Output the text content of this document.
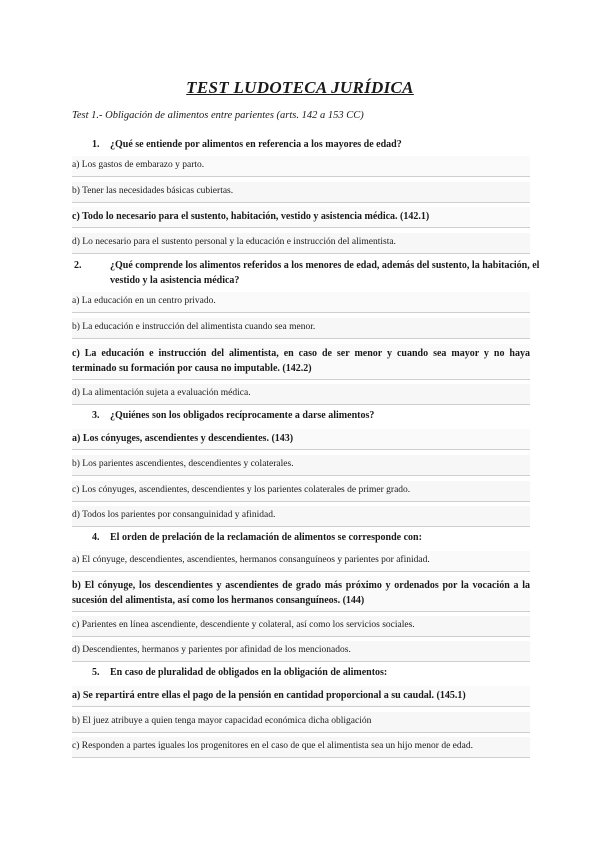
TEST LUDOTECA JURÍDICA
Test 1.- Obligación de alimentos entre parientes (arts. 142 a 153 CC)
1. ¿Qué se entiende por alimentos en referencia a los mayores de edad?
a) Los gastos de embarazo y parto.
b) Tener las necesidades básicas cubiertas.
c) Todo lo necesario para el sustento, habitación, vestido y asistencia médica. (142.1)
d) Lo necesario para el sustento personal y la educación e instrucción del alimentista.
2.	¿Qué comprende los alimentos referidos a los menores de edad, además del sustento, la habitación, el vestido y la asistencia médica?
a) La educación en un centro privado.
b) La educación e instrucción del alimentista cuando sea menor.
c) La educación e instrucción del alimentista, en caso de ser menor y cuando sea mayor y no haya terminado su formación por causa no imputable. (142.2)
d) La alimentación sujeta a evaluación médica.
3. ¿Quiénes son los obligados recíprocamente a darse alimentos?
a) Los cónyuges, ascendientes y descendientes. (143)
b) Los parientes ascendientes, descendientes y colaterales.
c) Los cónyuges, ascendientes, descendientes y los parientes colaterales de primer grado.
d) Todos los parientes por consanguinidad y afinidad.
4. El orden de prelación de la reclamación de alimentos se corresponde con:
a) El cónyuge, descendientes, ascendientes, hermanos consanguíneos y parientes por afinidad.
b) El cónyuge, los descendientes y ascendientes de grado más próximo y ordenados por la vocación a la sucesión del alimentista, así como los hermanos consanguíneos. (144)
c) Parientes en línea ascendiente, descendiente y colateral, así como los servicios sociales.
d) Descendientes, hermanos y parientes por afinidad de los mencionados.
5. En caso de pluralidad de obligados en la obligación de alimentos:
a) Se repartirá entre ellas el pago de la pensión en cantidad proporcional a su caudal. (145.1)
b) El juez atribuye a quien tenga mayor capacidad económica dicha obligación
c) Responden a partes iguales los progenitores en el caso de que el alimentista sea un hijo menor de edad.
